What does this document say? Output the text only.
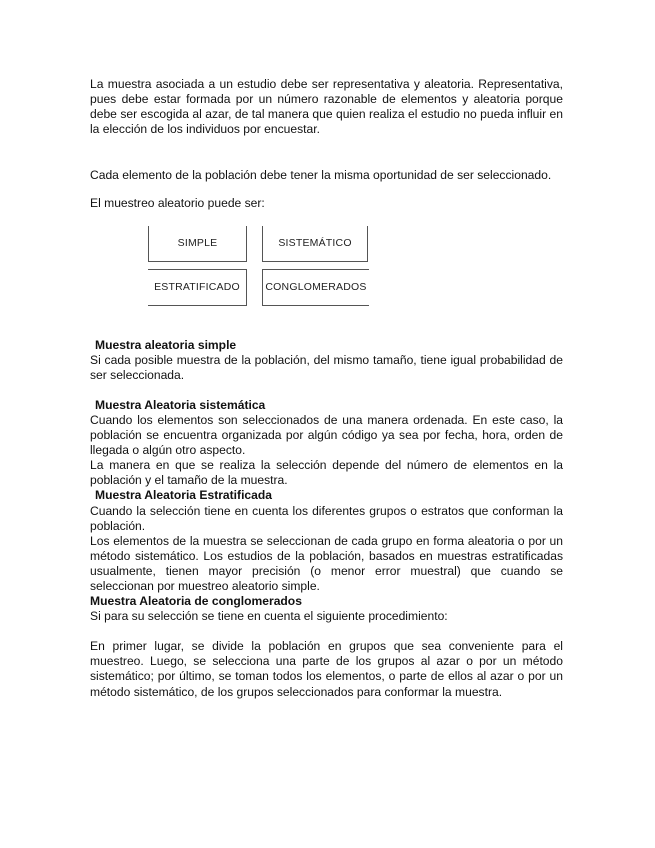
La muestra asociada a un estudio debe ser representativa y aleatoria. Representativa, pues debe estar formada por un número razonable de elementos y aleatoria porque debe ser escogida al azar, de tal manera que quien realiza el estudio no pueda influir en la elección de los individuos por encuestar.

Cada elemento de la población debe tener la misma oportunidad de ser seleccionado.

El muestreo aleatorio puede ser:

SIMPLE	SISTEMÁTICO
ESTRATIFICADO	CONGLOMERADOS

Muestra aleatoria simple

Si cada posible muestra de la población, del mismo tamaño, tiene igual probabilidad de ser seleccionada.

Muestra Aleatoria sistemática

Cuando los elementos son seleccionados de una manera ordenada. En este caso, la población se encuentra organizada por algún código ya sea por fecha, hora, orden de llegada o algún otro aspecto.

La manera en que se realiza la selección depende del número de elementos en la población y el tamaño de la muestra.

Muestra Aleatoria Estratificada

Cuando la selección tiene en cuenta los diferentes grupos o estratos que conforman la población.

Los elementos de la muestra se seleccionan de cada grupo en forma aleatoria o por un método sistemático. Los estudios de la población, basados en muestras estratificadas usualmente, tienen mayor precisión (o menor error muestral) que cuando se seleccionan por muestreo aleatorio simple.

Muestra Aleatoria de conglomerados

Si para su selección se tiene en cuenta el siguiente procedimiento:

En primer lugar, se divide la población en grupos que sea conveniente para el muestreo. Luego, se selecciona una parte de los grupos al azar o por un método sistemático; por último, se toman todos los elementos, o parte de ellos al azar o por un método sistemático, de los grupos seleccionados para conformar la muestra.
